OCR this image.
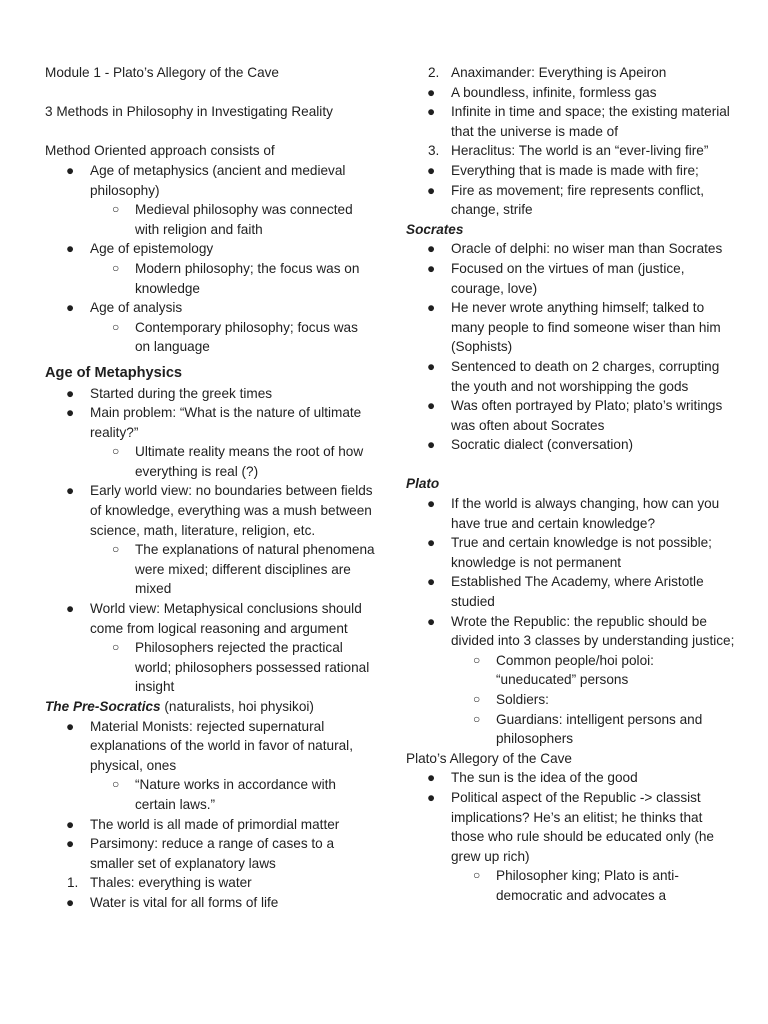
Module 1 - Plato’s Allegory of the Cave
3 Methods in Philosophy in Investigating Reality
Method Oriented approach consists of
● Age of metaphysics (ancient and medieval philosophy)
○	Medieval philosophy was connected with religion and faith
● Age of epistemology
○	Modern philosophy; the focus was on knowledge
● Age of analysis
○	Contemporary philosophy; focus was on language
Age of Metaphysics
● Started during the greek times
● Main problem: “What is the nature of ultimate reality?”
○	Ultimate reality means the root of how everything is real (?)
● Early world view: no boundaries between fields of knowledge, everything was a mush between science, math, literature, religion, etc.
○	The explanations of natural phenomena were mixed; different disciplines are mixed
● World view: Metaphysical conclusions should come from logical reasoning and argument
○	Philosophers rejected the practical world; philosophers possessed rational insight
The Pre-Socratics (naturalists, hoi physikoi)
● Material Monists: rejected supernatural explanations of the world in favor of natural, physical, ones
○	“Nature works in accordance with certain laws.”
● The world is all made of primordial matter
● Parsimony: reduce a range of cases to a smaller set of explanatory laws
1. Thales: everything is water
● Water is vital for all forms of life
2. Anaximander: Everything is Apeiron
● A boundless, infinite, formless gas
● Infinite in time and space; the existing material that the universe is made of
3. Heraclitus: The world is an “ever-living fire”
● Everything that is made is made with fire;
● Fire as movement; fire represents conflict, change, strife
Socrates
● Oracle of delphi: no wiser man than Socrates
● Focused on the virtues of man (justice, courage, love)
● He never wrote anything himself; talked to many people to find someone wiser than him (Sophists)
● Sentenced to death on 2 charges, corrupting the youth and not worshipping the gods
● Was often portrayed by Plato; plato’s writings was often about Socrates
● Socratic dialect (conversation)
Plato
● If the world is always changing, how can you have true and certain knowledge?
● True and certain knowledge is not possible; knowledge is not permanent
● Established The Academy, where Aristotle studied
● Wrote the Republic: the republic should be divided into 3 classes by understanding justice;
○	Common people/hoi poloi: “uneducated” persons
○	Soldiers:
○	Guardians: intelligent persons and philosophers
Plato’s Allegory of the Cave
● The sun is the idea of the good
● Political aspect of the Republic -> classist implications? He’s an elitist; he thinks that those who rule should be educated only (he grew up rich)
○	Philosopher king; Plato is anti-democratic and advocates a
